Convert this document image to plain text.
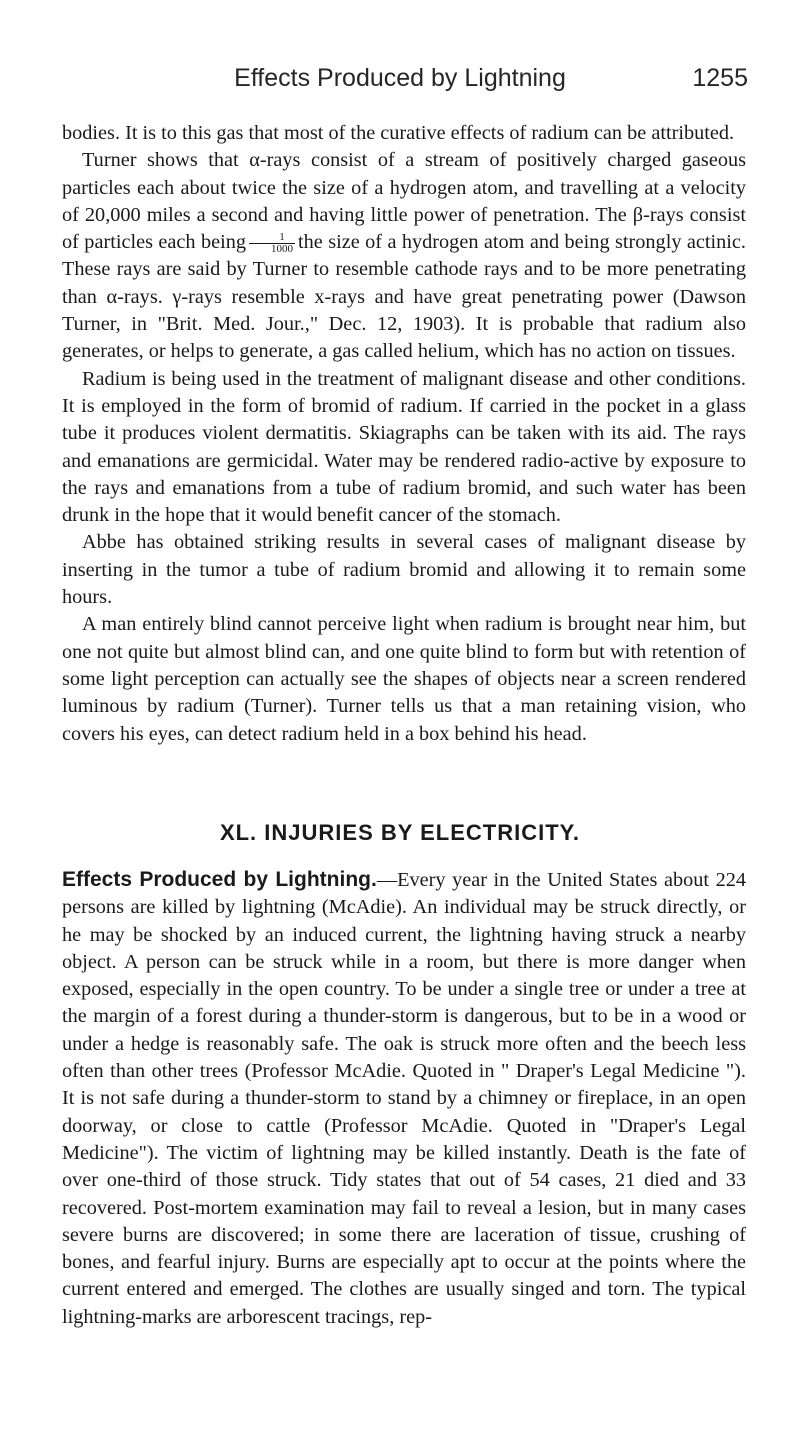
Effects Produced by Lightning	1255

bodies. It is to this gas that most of the curative effects of radium can be attributed.

Turner shows that α-rays consist of a stream of positively charged gaseous particles each about twice the size of a hydrogen atom, and travelling at a velocity of 20,000 miles a second and having little power of penetration. The β-rays consist of particles each being $\frac{1}{1000}$ the size of a hydrogen atom and being strongly actinic. These rays are said by Turner to resemble cathode rays and to be more penetrating than α-rays. γ-rays resemble x-rays and have great penetrating power (Dawson Turner, in "Brit. Med. Jour.," Dec. 12, 1903). It is probable that radium also generates, or helps to generate, a gas called helium, which has no action on tissues.

Radium is being used in the treatment of malignant disease and other conditions. It is employed in the form of bromid of radium. If carried in the pocket in a glass tube it produces violent dermatitis. Skiagraphs can be taken with its aid. The rays and emanations are germicidal. Water may be rendered radio-active by exposure to the rays and emanations from a tube of radium bromid, and such water has been drunk in the hope that it would benefit cancer of the stomach.

Abbe has obtained striking results in several cases of malignant disease by inserting in the tumor a tube of radium bromid and allowing it to remain some hours.

A man entirely blind cannot perceive light when radium is brought near him, but one not quite but almost blind can, and one quite blind to form but with retention of some light perception can actually see the shapes of objects near a screen rendered luminous by radium (Turner). Turner tells us that a man retaining vision, who covers his eyes, can detect radium held in a box behind his head.

XL. INJURIES BY ELECTRICITY.

Effects Produced by Lightning.—Every year in the United States about 224 persons are killed by lightning (McAdie). An individual may be struck directly, or he may be shocked by an induced current, the lightning having struck a nearby object. A person can be struck while in a room, but there is more danger when exposed, especially in the open country. To be under a single tree or under a tree at the margin of a forest during a thunder-storm is dangerous, but to be in a wood or under a hedge is reasonably safe. The oak is struck more often and the beech less often than other trees (Professor McAdie. Quoted in " Draper's Legal Medicine "). It is not safe during a thunder-storm to stand by a chimney or fireplace, in an open doorway, or close to cattle (Professor McAdie. Quoted in "Draper's Legal Medicine"). The victim of lightning may be killed instantly. Death is the fate of over one-third of those struck. Tidy states that out of 54 cases, 21 died and 33 recovered. Post-mortem examination may fail to reveal a lesion, but in many cases severe burns are discovered; in some there are laceration of tissue, crushing of bones, and fearful injury. Burns are especially apt to occur at the points where the current entered and emerged. The clothes are usually singed and torn. The typical lightning-marks are arborescent tracings, rep-
